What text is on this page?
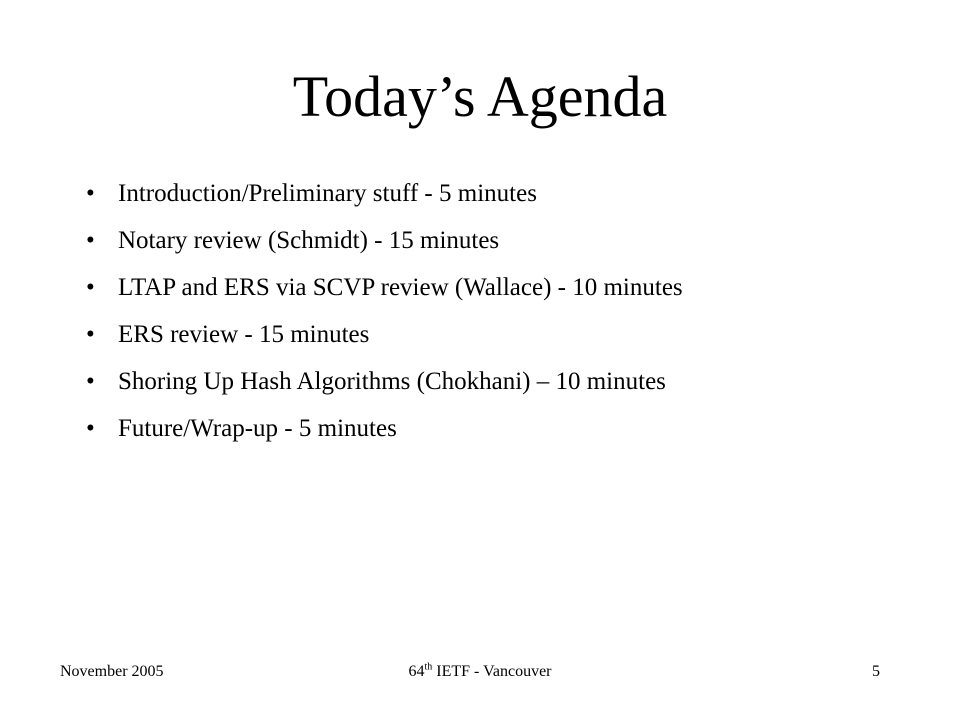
Today’s Agenda
• Introduction/Preliminary stuff - 5 minutes
• Notary review (Schmidt) - 15 minutes
• LTAP and ERS via SCVP review (Wallace) - 10 minutes
• ERS review - 15 minutes
• Shoring Up Hash Algorithms (Chokhani) – 10 minutes
• Future/Wrap-up - 5 minutes
November 2005	64th IETF - Vancouver	5
